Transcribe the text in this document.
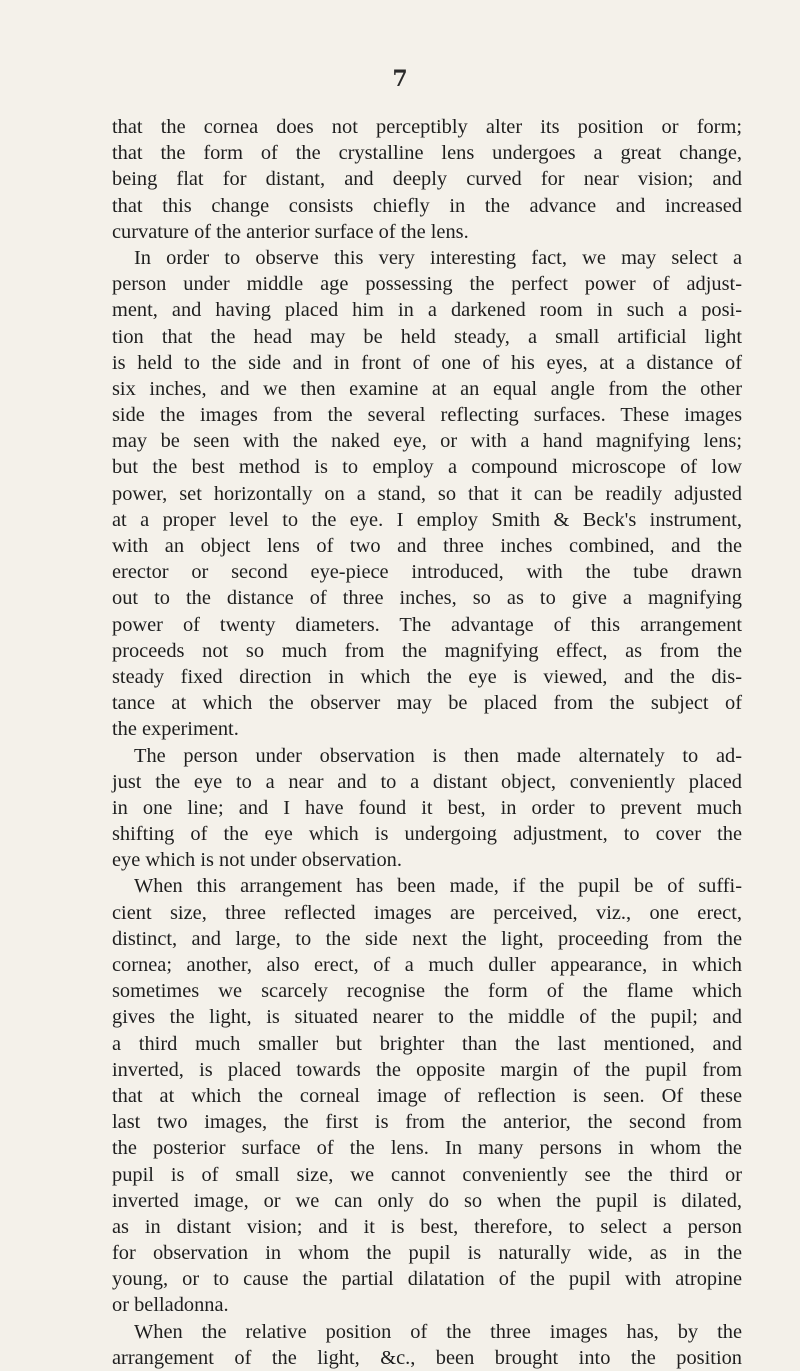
7
that the cornea does not perceptibly alter its position or form;
that the form of the crystalline lens undergoes a great change,
being flat for distant, and deeply curved for near vision; and
that this change consists chiefly in the advance and increased
curvature of the anterior surface of the lens.
In order to observe this very interesting fact, we may select a
person under middle age possessing the perfect power of adjust-
ment, and having placed him in a darkened room in such a posi-
tion that the head may be held steady, a small artificial light
is held to the side and in front of one of his eyes, at a distance of
six inches, and we then examine at an equal angle from the other
side the images from the several reflecting surfaces. These images
may be seen with the naked eye, or with a hand magnifying lens;
but the best method is to employ a compound microscope of low
power, set horizontally on a stand, so that it can be readily adjusted
at a proper level to the eye. I employ Smith & Beck's instrument,
with an object lens of two and three inches combined, and the
erector or second eye-piece introduced, with the tube drawn
out to the distance of three inches, so as to give a magnifying
power of twenty diameters. The advantage of this arrangement
proceeds not so much from the magnifying effect, as from the
steady fixed direction in which the eye is viewed, and the dis-
tance at which the observer may be placed from the subject of
the experiment.
The person under observation is then made alternately to ad-
just the eye to a near and to a distant object, conveniently placed
in one line; and I have found it best, in order to prevent much
shifting of the eye which is undergoing adjustment, to cover the
eye which is not under observation.
When this arrangement has been made, if the pupil be of suffi-
cient size, three reflected images are perceived, viz., one erect,
distinct, and large, to the side next the light, proceeding from the
cornea; another, also erect, of a much duller appearance, in which
sometimes we scarcely recognise the form of the flame which
gives the light, is situated nearer to the middle of the pupil; and
a third much smaller but brighter than the last mentioned, and
inverted, is placed towards the opposite margin of the pupil from
that at which the corneal image of reflection is seen. Of these
last two images, the first is from the anterior, the second from
the posterior surface of the lens. In many persons in whom the
pupil is of small size, we cannot conveniently see the third or
inverted image, or we can only do so when the pupil is dilated,
as in distant vision; and it is best, therefore, to select a person
for observation in whom the pupil is naturally wide, as in the
young, or to cause the partial dilatation of the pupil with atropine
or belladonna.
When the relative position of the three images has, by the
arrangement of the light, &c., been brought into the position
